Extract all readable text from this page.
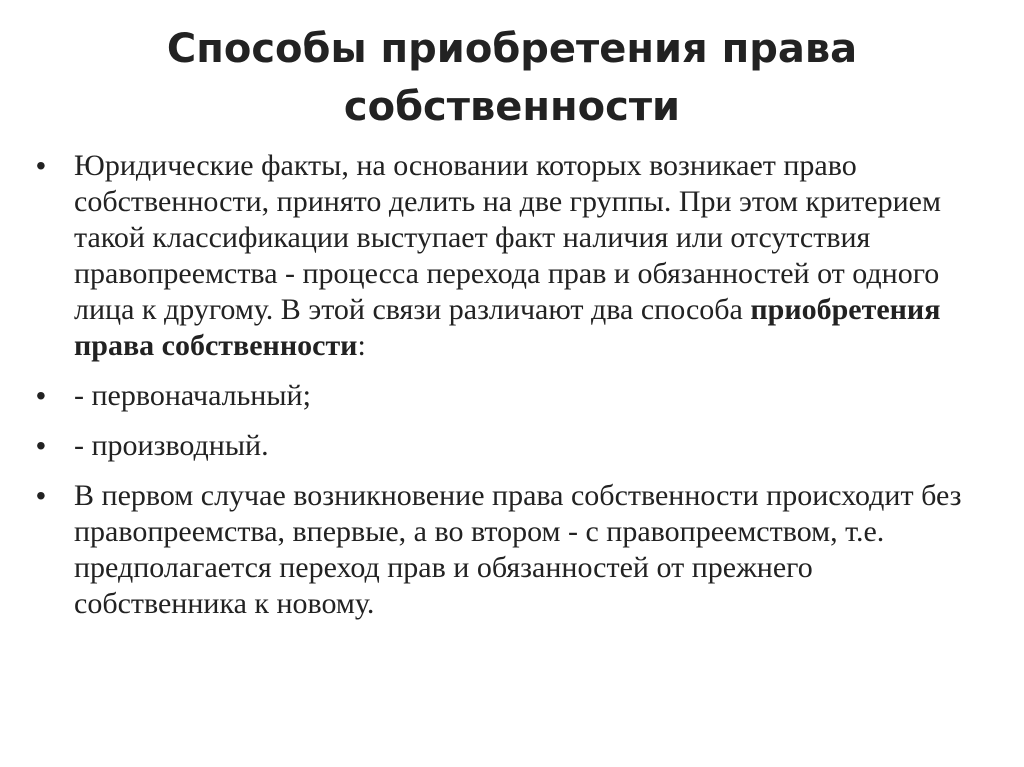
Способы приобретения права собственности
• Юридические факты, на основании которых возникает право собственности, принято делить на две группы. При этом критерием такой классификации выступает факт наличия или отсутствия правопреемства - процесса перехода прав и обязанностей от одного лица к другому. В этой связи различают два способа приобретения права собственности:
• - первоначальный;
• - производный.
• В первом случае возникновение права собственности происходит без правопреемства, впервые, а во втором - с правопреемством, т.е. предполагается переход прав и обязанностей от прежнего собственника к новому.
